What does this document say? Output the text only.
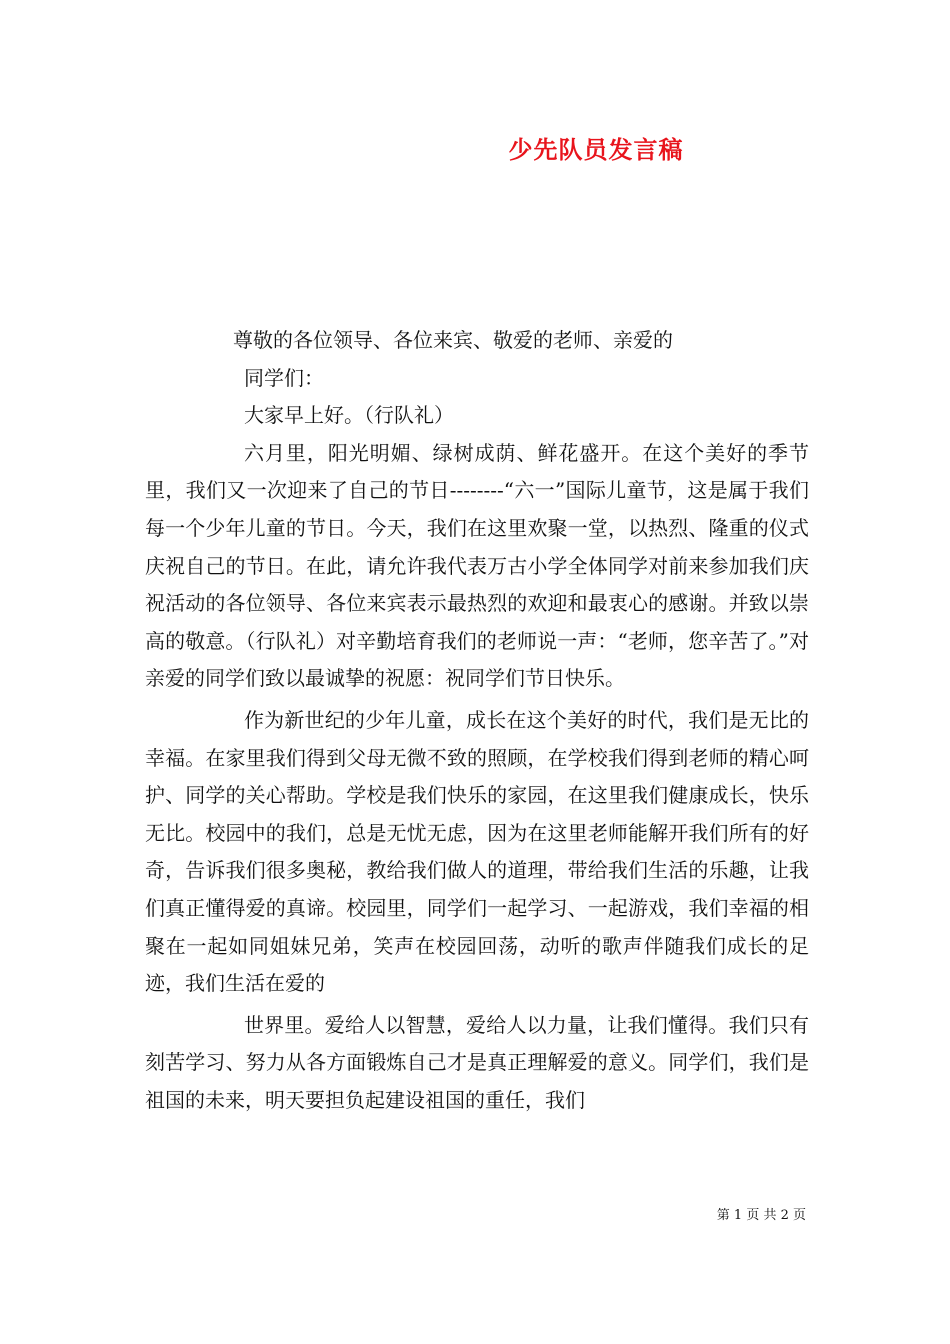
少先队员发言稿

尊敬的各位领导、各位来宾、敬爱的老师、亲爱的

同学们：

大家早上好。（行队礼）

六月里，阳光明媚、绿树成荫、鲜花盛开。在这个美好的季节里，我们又一次迎来了自己的节日--------“六一”国际儿童节，这是属于我们每一个少年儿童的节日。今天，我们在这里欢聚一堂，以热烈、隆重的仪式庆祝自己的节日。在此，请允许我代表万古小学全体同学对前来参加我们庆祝活动的各位领导、各位来宾表示最热烈的欢迎和最衷心的感谢。并致以崇高的敬意。（行队礼）对辛勤培育我们的老师说一声：“老师，您辛苦了。”对亲爱的同学们致以最诚挚的祝愿：祝同学们节日快乐。

作为新世纪的少年儿童，成长在这个美好的时代，我们是无比的幸福。在家里我们得到父母无微不致的照顾，在学校我们得到老师的精心呵护、同学的关心帮助。学校是我们快乐的家园，在这里我们健康成长，快乐无比。校园中的我们，总是无忧无虑，因为在这里老师能解开我们所有的好奇，告诉我们很多奥秘，教给我们做人的道理，带给我们生活的乐趣，让我们真正懂得爱的真谛。校园里，同学们一起学习、一起游戏，我们幸福的相聚在一起如同姐妹兄弟，笑声在校园回荡，动听的歌声伴随我们成长的足迹，我们生活在爱的

世界里。爱给人以智慧，爱给人以力量，让我们懂得。我们只有刻苦学习、努力从各方面锻炼自己才是真正理解爱的意义。同学们，我们是祖国的未来，明天要担负起建设祖国的重任，我们

第 1 页 共 2 页
